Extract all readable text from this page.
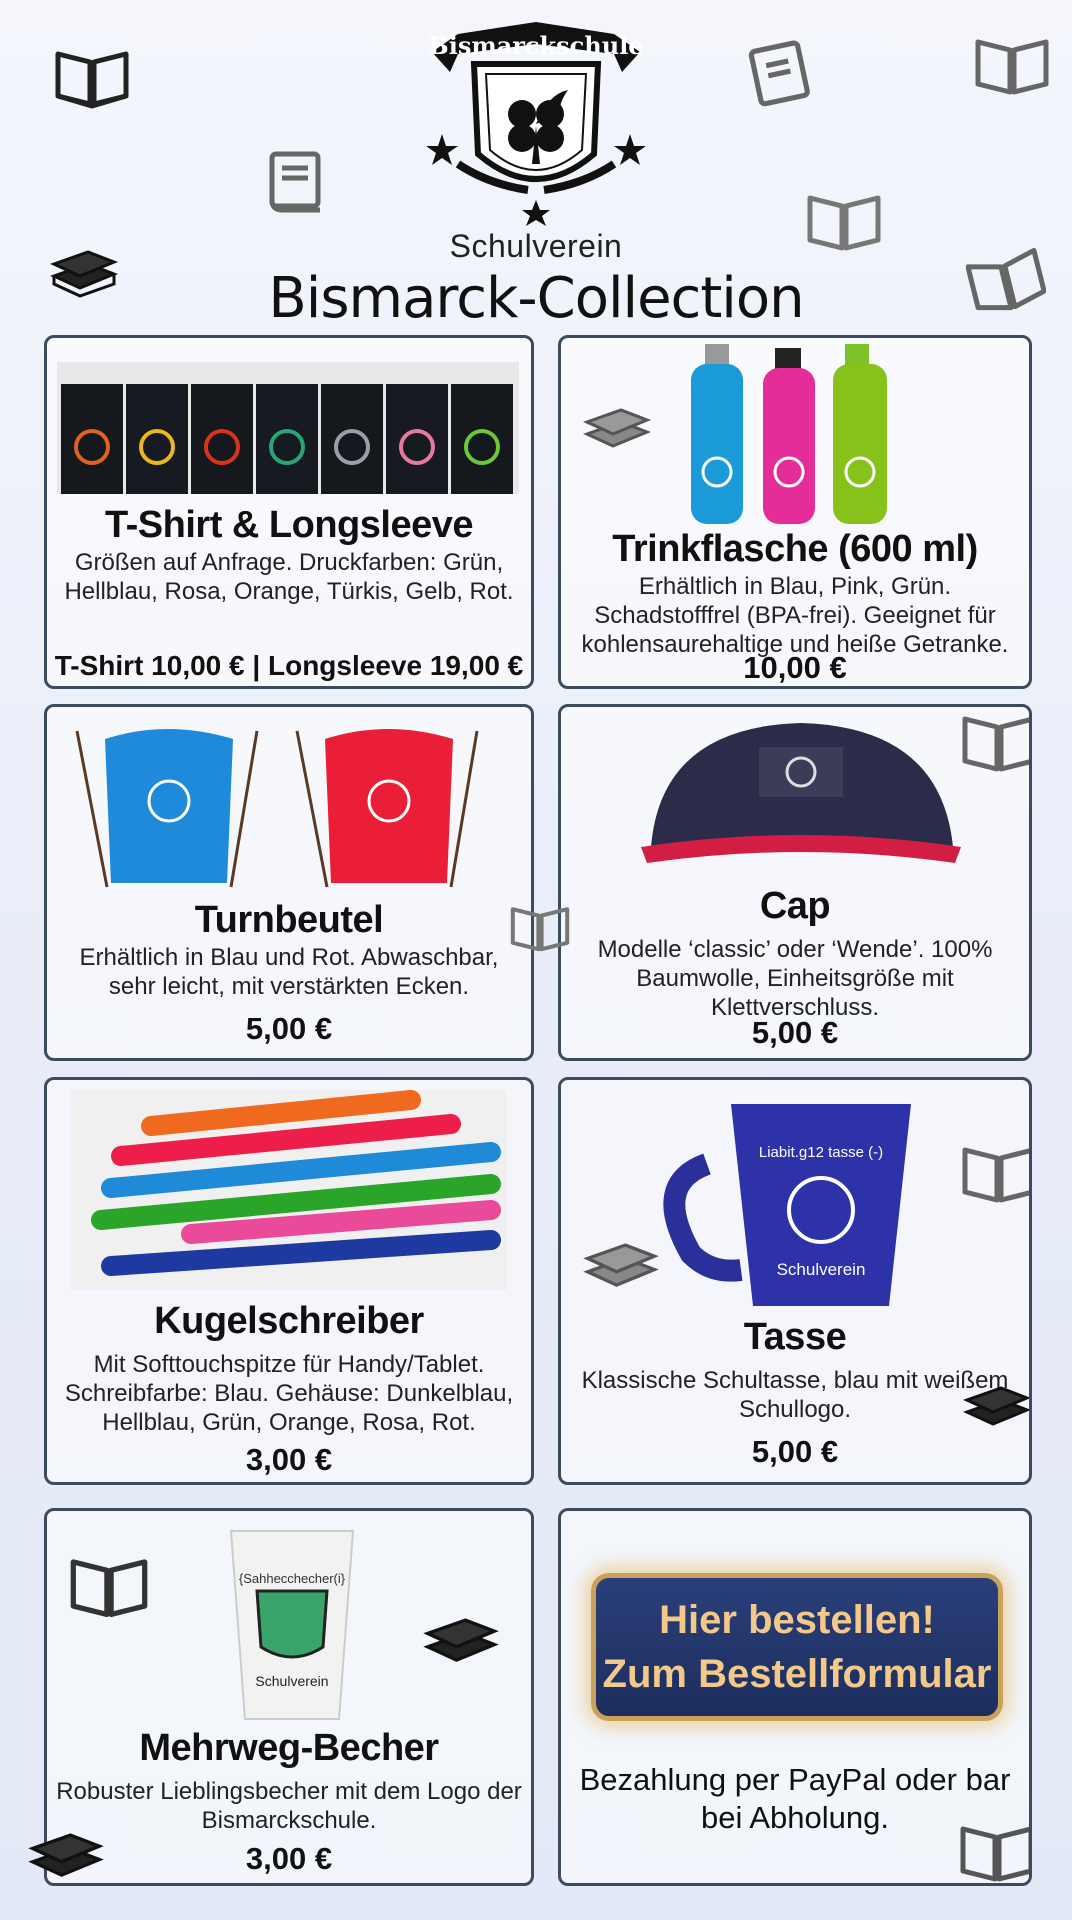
Bismarckschule
Schulverein
Bismarck-Collection
T-Shirt & Longsleeve
Größen auf Anfrage. Druckfarben: Grün, Hellblau, Rosa, Orange, Türkis, Gelb, Rot.
T-Shirt 10,00 € | Longsleeve 19,00 €
Trinkflasche (600 ml)
Erhältlich in Blau, Pink, Grün. Schadstofffrel (BPA-frei). Geeignet für kohlensaurehaltige und heiße Getranke.
10,00 €
Turnbeutel
Erhältlich in Blau und Rot. Abwaschbar, sehr leicht, mit verstärkten Ecken.
5,00 €
Cap
Modelle ‘classic’ oder ‘Wende’. 100% Baumwolle, Einheitsgröße mit Klettverschluss.
5,00 €
Kugelschreiber
Mit Softtouchspitze für Handy/Tablet. Schreibfarbe: Blau. Gehäuse: Dunkelblau, Hellblau, Grün, Orange, Rosa, Rot.
3,00 €
Liabit.g12 tasse (-)
Schulverein
Tasse
Klassische Schultasse, blau mit weißem Schullogo.
5,00 €
{Sahhecchecher(i}
Schulverein
Mehrweg-Becher
Robuster Lieblingsbecher mit dem Logo der Bismarckschule.
3,00 €
Hier bestellen!
Zum Bestellformular
Bezahlung per PayPal oder bar bei Abholung.
